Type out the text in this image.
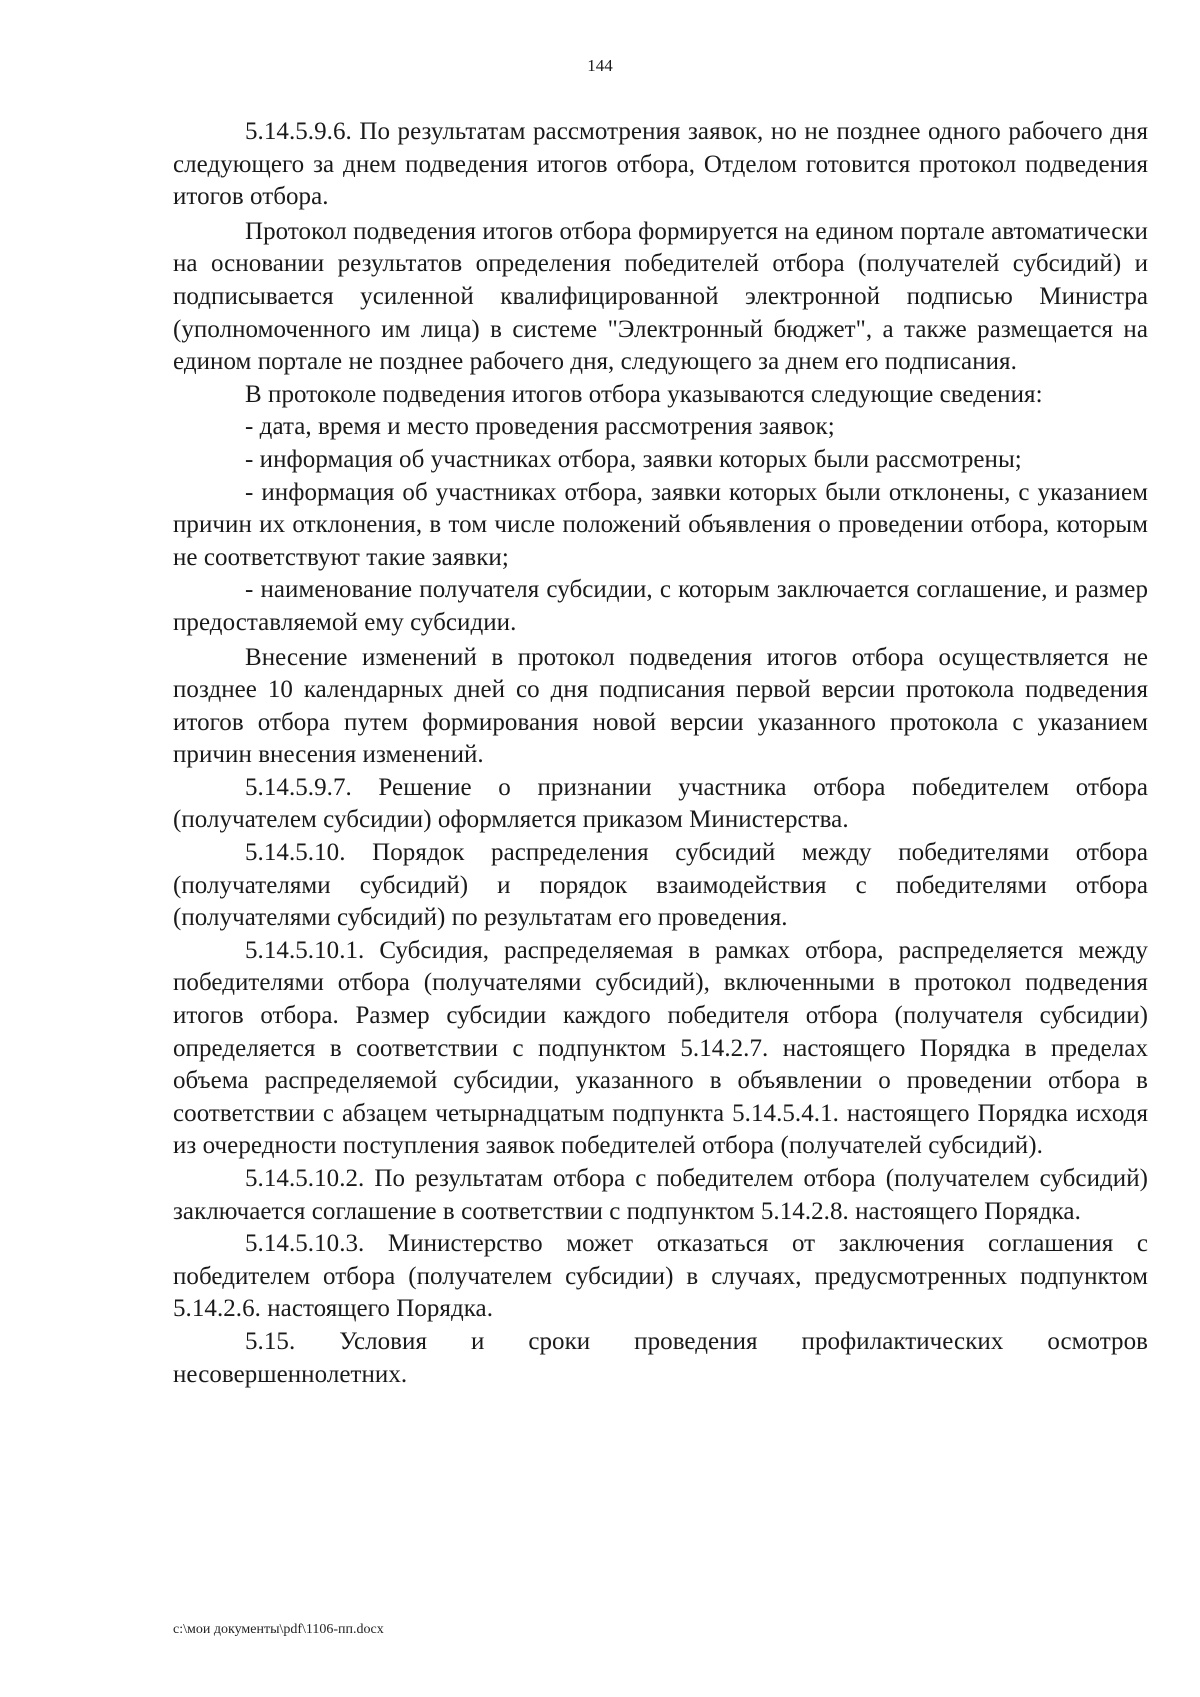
144

5.14.5.9.6. По результатам рассмотрения заявок, но не позднее одного рабочего дня следующего за днем подведения итогов отбора, Отделом готовится протокол подведения итогов отбора.

Протокол подведения итогов отбора формируется на едином портале автоматически на основании результатов определения победителей отбора (получателей субсидий) и подписывается усиленной квалифицированной электронной подписью Министра (уполномоченного им лица) в системе "Электронный бюджет", а также размещается на едином портале не позднее рабочего дня, следующего за днем его подписания.

В протоколе подведения итогов отбора указываются следующие сведения:

- дата, время и место проведения рассмотрения заявок;

- информация об участниках отбора, заявки которых были рассмотрены;

- информация об участниках отбора, заявки которых были отклонены, с указанием причин их отклонения, в том числе положений объявления о проведении отбора, которым не соответствуют такие заявки;

- наименование получателя субсидии, с которым заключается соглашение, и размер предоставляемой ему субсидии.

Внесение изменений в протокол подведения итогов отбора осуществляется не позднее 10 календарных дней со дня подписания первой версии протокола подведения итогов отбора путем формирования новой версии указанного протокола с указанием причин внесения изменений.

5.14.5.9.7. Решение о признании участника отбора победителем отбора (получателем субсидии) оформляется приказом Министерства.

5.14.5.10. Порядок распределения субсидий между победителями отбора (получателями субсидий) и порядок взаимодействия с победителями отбора (получателями субсидий) по результатам его проведения.

5.14.5.10.1. Субсидия, распределяемая в рамках отбора, распределяется между победителями отбора (получателями субсидий), включенными в протокол подведения итогов отбора. Размер субсидии каждого победителя отбора (получателя субсидии) определяется в соответствии с подпунктом 5.14.2.7. настоящего Порядка в пределах объема распределяемой субсидии, указанного в объявлении о проведении отбора в соответствии с абзацем четырнадцатым подпункта 5.14.5.4.1. настоящего Порядка исходя из очередности поступления заявок победителей отбора (получателей субсидий).

5.14.5.10.2. По результатам отбора с победителем отбора (получателем субсидий) заключается соглашение в соответствии с подпунктом 5.14.2.8. настоящего Порядка.

5.14.5.10.3. Министерство может отказаться от заключения соглашения с победителем отбора (получателем субсидии) в случаях, предусмотренных подпунктом 5.14.2.6. настоящего Порядка.

5.15. Условия и сроки проведения профилактических осмотров несовершеннолетних.

c:\мои документы\pdf\1106-пп.docx
